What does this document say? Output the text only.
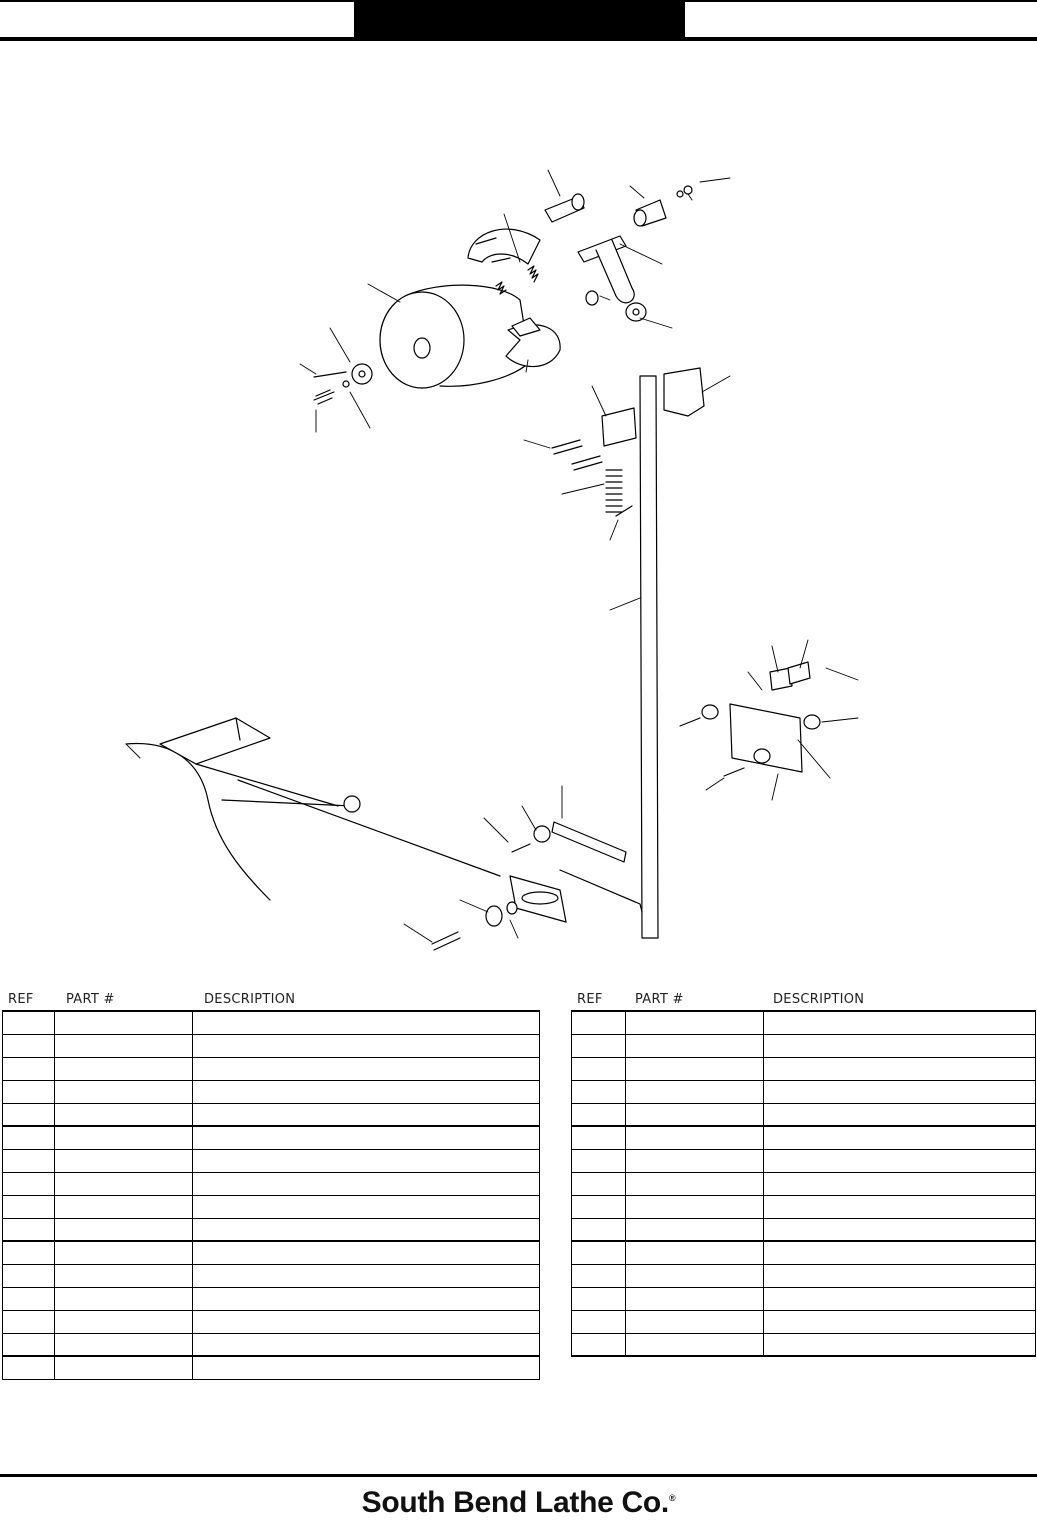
REF	PART #	DESCRIPTION	REF	PART #	DESCRIPTION
South Bend Lathe Co.®
